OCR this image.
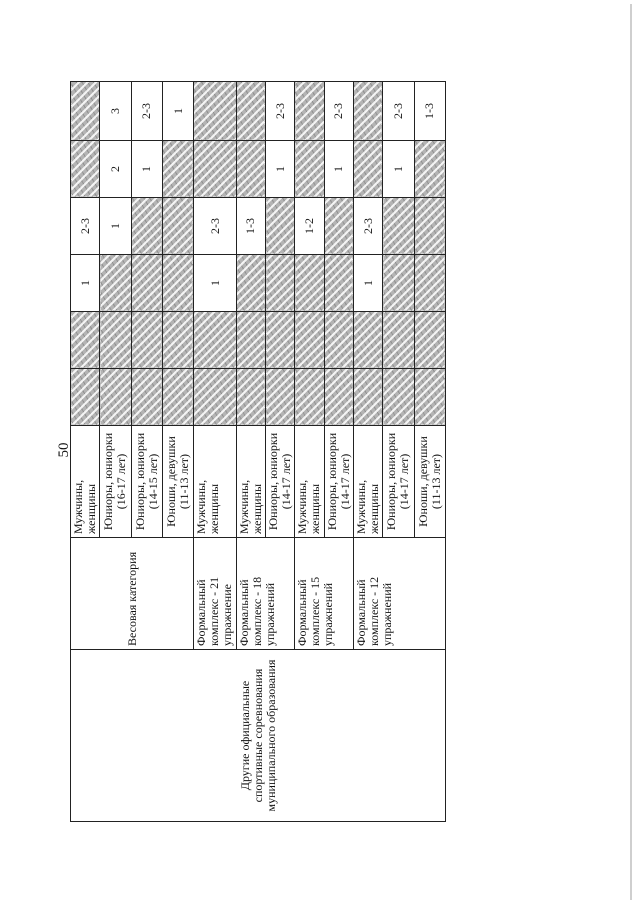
50
Другие официальные спортивные соревнования муниципального образования	Весовая категория	Мужчины, женщины			1	2-3		
		Юниоры, юниорки (16-17 лет)				1	2	3
		Юниоры, юниорки (14-15 лет)					1	2-3
		Юноши, девушки (11-13 лет)						1
	Формальный комплекс - 21 упражнение	Мужчины, женщины			1	2-3		
	Формальный комплекс - 18 упражнений	Мужчины, женщины				1-3		
		Юниоры, юниорки (14-17 лет)					1	2-3
	Формальный комплекс - 15 упражнений	Мужчины, женщины				1-2		
		Юниоры, юниорки (14-17 лет)					1	2-3
	Формальный комплекс - 12 упражнений	Мужчины, женщины			1	2-3		
		Юниоры, юниорки (14-17 лет)					1	2-3
		Юноши, девушки (11-13 лет)						1-3
